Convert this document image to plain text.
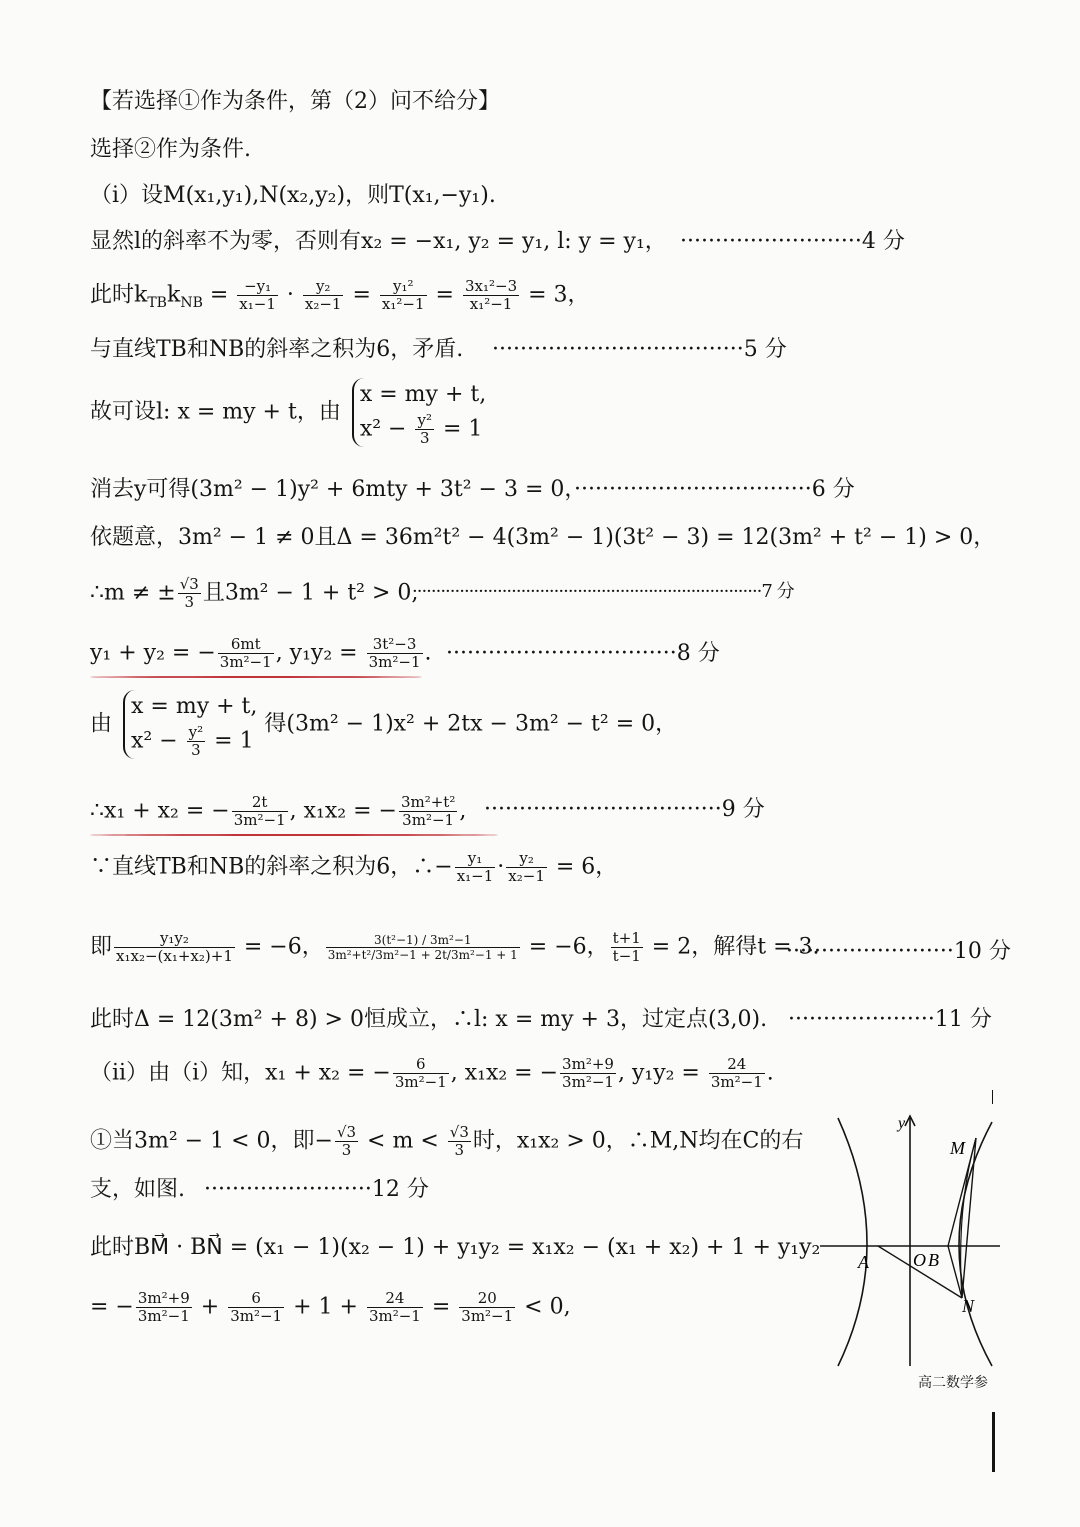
【若选择①作为条件，第（2）问不给分】
选择②作为条件.
（i）设M(x₁,y₁),N(x₂,y₂)，则T(x₁,−y₁).
显然l的斜率不为零，否则有x₂ = −x₁, y₂ = y₁, l: y = y₁， ··························4 分
此时$k_{TB}k_{NB} = \frac{\text{−y₁}}{\text{x₁−1}} \cdot \frac{\text{y₂}}{\text{x₂−1}} = \frac{\text{y₁²}}{\text{x₁²−1}} = \frac{\text{3x₁²−3}}{\text{x₁²−1}} = 3$，
与直线TB和NB的斜率之积为6，矛盾. ····································5 分
故可设l: x = my + t，由
x = my + t,
$x^2 - \frac{\text{y²}}{3} = 1$
消去y可得(3m² − 1)y² + 6mty + 3t² − 3 = 0，
··································6 分
依题意，3m² − 1 ≠ 0且Δ = 36m²t² − 4(3m² − 1)(3t² − 3) = 12(3m² + t² − 1) > 0，
∴m ≠ ± $\frac{√3}{3}$ 且3m² − 1 + t² > 0,
··········································································7 分
y₁ + y₂ = − $\frac{6mt}{\text{3m²−1}}$ , $y_1y_2 = \frac{\text{3t²−3}}{\text{3m²−1}}$ . ·································8 分
由
x = my + t,
$x^2 - \frac{\text{y²}}{3} = 1$
得(3m² − 1)x² + 2tx − 3m² − t² = 0，
∴x₁ + x₂ = − $\frac{2t}{\text{3m²−1}}$ , x₁x₂ = − $\frac{\text{3m²+t²}}{\text{3m²−1}}$ , ··································9 分
∵直线TB和NB的斜率之积为6，∴− $\frac{\text{y₁}}{\text{x₁−1}} \cdot \frac{\text{y₂}}{\text{x₂−1}} = 6$，
即 $\frac{\text{y₁y₂}}{\text{x₁x₂−(x₁+x₂)+1}} = -6$， $\frac{\text{3(t²−1) / 3m²−1}}{\text{3m²+t²/3m²−1 + 2t/3m²−1 + 1}} = -6$， $\frac{t+1}{t-1} = 2$，解得t = 3.
························10 分
此时Δ = 12(3m² + 8) > 0恒成立，∴l: x = my + 3，过定点(3,0). ·····················11 分
（ii）由（i）知，x₁ + x₂ = − $\frac{6}{\text{3m²−1}}$ , x₁x₂ = − $\frac{\text{3m²+9}}{\text{3m²−1}}$ , $y_1y_2 = \frac{24}{\text{3m²−1}}$ .
①当3m² − 1 < 0，即− $\frac{√3}{3} < m < \frac{√3}{3}$ 时，x₁x₂ > 0，∴M,N均在C的右
支，如图. ························12 分
此时BM⃗ · BN⃗ = (x₁ − 1)(x₂ − 1) + y₁y₂ = x₁x₂ − (x₁ + x₂) + 1 + y₁y₂
= − $\frac{\text{3m²+9}}{\text{3m²−1}} + \frac{6}{\text{3m²−1}} + 1 + \frac{24}{\text{3m²−1}} = \frac{20}{\text{3m²−1}} < 0$,
y
M
A O B
N
高二数学参
